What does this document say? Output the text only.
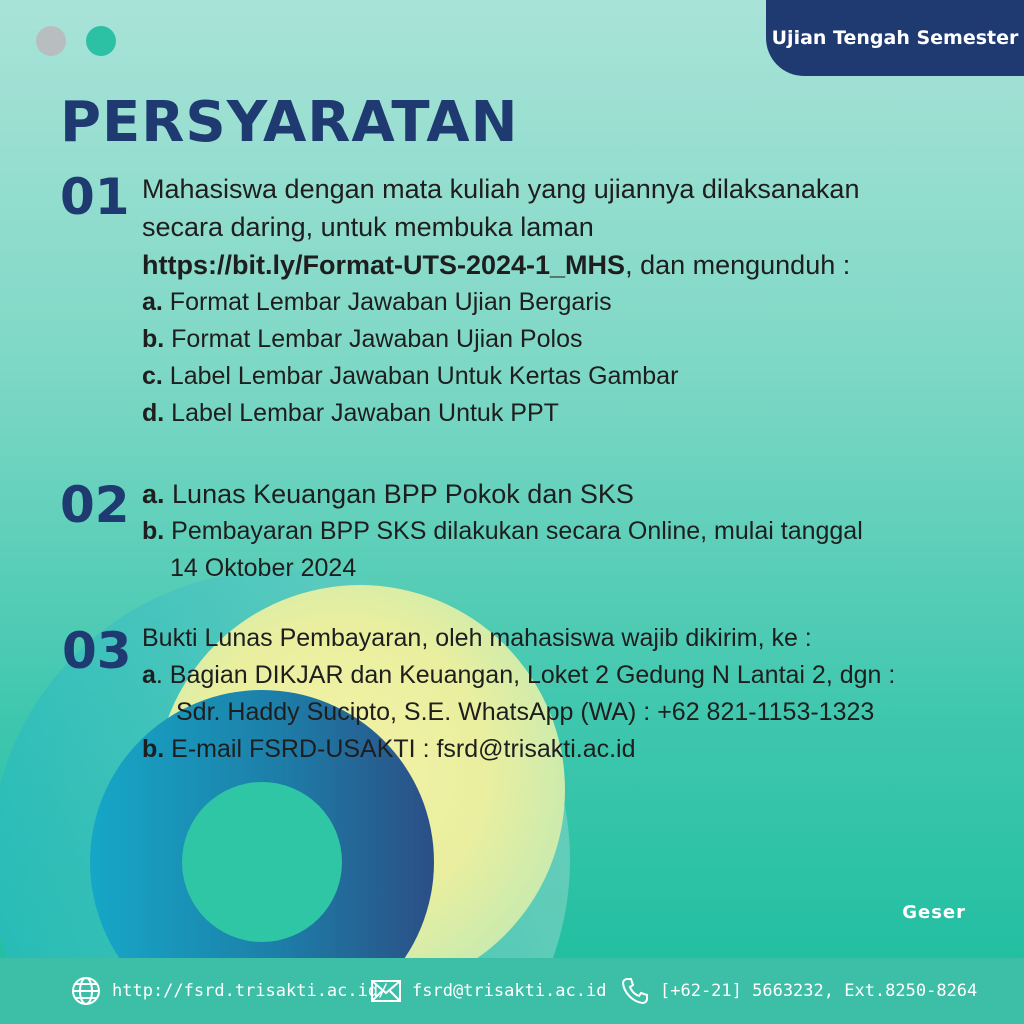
Ujian Tengah Semester
PERSYARATAN
01 Mahasiswa dengan mata kuliah yang ujiannya dilaksanakan
secara daring, untuk membuka laman
https://bit.ly/Format-UTS-2024-1_MHS, dan mengunduh :
a. Format Lembar Jawaban Ujian Bergaris
b. Format Lembar Jawaban Ujian Polos
c. Label Lembar Jawaban Untuk Kertas Gambar
d. Label Lembar Jawaban Untuk PPT
02 a. Lunas Keuangan BPP Pokok dan SKS
b. Pembayaran BPP SKS dilakukan secara Online, mulai tanggal
14 Oktober 2024
03 Bukti Lunas Pembayaran, oleh mahasiswa wajib dikirim, ke :
a. Bagian DIKJAR dan Keuangan, Loket 2 Gedung N Lantai 2, dgn :
Sdr. Haddy Sucipto, S.E. WhatsApp (WA) : +62 821-1153-1323
b. E-mail FSRD-USAKTI : fsrd@trisakti.ac.id
Geser
http://fsrd.trisakti.ac.id/ fsrd@trisakti.ac.id	[+62-21] 5663232, Ext.8250-8264
